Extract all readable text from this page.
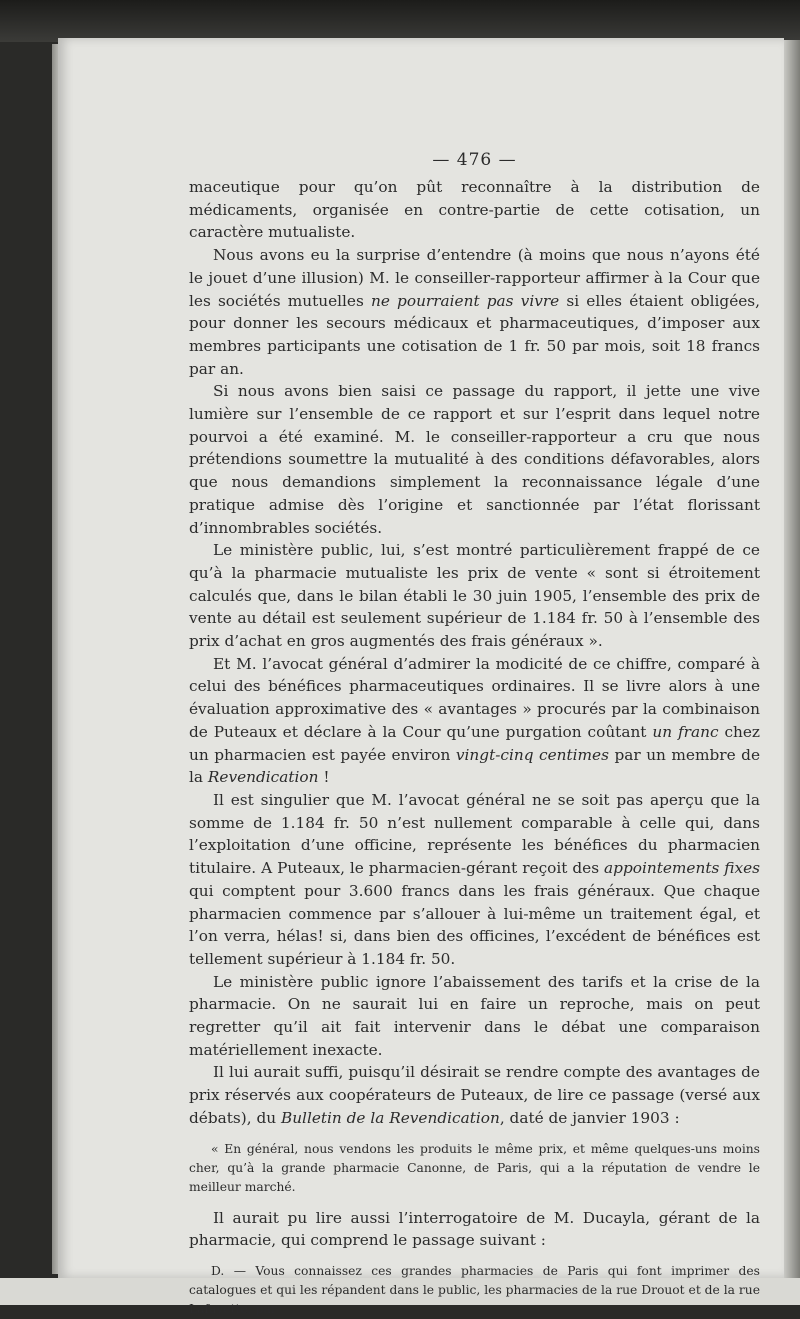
— 476 —

maceutique pour qu’on pût reconnaître à la distribution de médicaments, organisée en contre-partie de cette cotisation, un caractère mutualiste.

Nous avons eu la surprise d’entendre (à moins que nous n’ayons été le jouet d’une illusion) M. le conseiller-rapporteur affirmer à la Cour que les sociétés mutuelles ne pourraient pas vivre si elles étaient obligées, pour donner les secours médicaux et pharmaceutiques, d’imposer aux membres participants une cotisation de 1 fr. 50 par mois, soit 18 francs par an.

Si nous avons bien saisi ce passage du rapport, il jette une vive lumière sur l’ensemble de ce rapport et sur l’esprit dans lequel notre pourvoi a été examiné. M. le conseiller-rapporteur a cru que nous prétendions soumettre la mutualité à des conditions défavorables, alors que nous demandions simplement la reconnaissance légale d’une pratique admise dès l’origine et sanctionnée par l’état florissant d’innombrables sociétés.

Le ministère public, lui, s’est montré particulièrement frappé de ce qu’à la pharmacie mutualiste les prix de vente « sont si étroitement calculés que, dans le bilan établi le 30 juin 1905, l’ensemble des prix de vente au détail est seulement supérieur de 1.184 fr. 50 à l’ensemble des prix d’achat en gros augmentés des frais généraux ».

Et M. l’avocat général d’admirer la modicité de ce chiffre, comparé à celui des bénéfices pharmaceutiques ordinaires. Il se livre alors à une évaluation approximative des « avantages » procurés par la combinaison de Puteaux et déclare à la Cour qu’une purgation coûtant un franc chez un pharmacien est payée environ vingt-cinq centimes par un membre de la Revendication !

Il est singulier que M. l’avocat général ne se soit pas aperçu que la somme de 1.184 fr. 50 n’est nullement comparable à celle qui, dans l’exploitation d’une officine, représente les bénéfices du pharmacien titulaire. A Puteaux, le pharmacien-gérant reçoit des appointements fixes qui comptent pour 3.600 francs dans les frais généraux. Que chaque pharmacien commence par s’allouer à lui-même un traitement égal, et l’on verra, hélas! si, dans bien des officines, l’excédent de bénéfices est tellement supérieur à 1.184 fr. 50.

Le ministère public ignore l’abaissement des tarifs et la crise de la pharmacie. On ne saurait lui en faire un reproche, mais on peut regretter qu’il ait fait intervenir dans le débat une comparaison matériellement inexacte.

Il lui aurait suffi, puisqu’il désirait se rendre compte des avantages de prix réservés aux coopérateurs de Puteaux, de lire ce passage (versé aux débats), du Bulletin de la Revendication, daté de janvier 1903 :

« En général, nous vendons les produits le même prix, et même quelques-uns moins cher, qu’à la grande pharmacie Canonne, de Paris, qui a la réputation de vendre le meilleur marché.

Il aurait pu lire aussi l’interrogatoire de M. Ducayla, gérant de la pharmacie, qui comprend le passage suivant :

D. — Vous connaissez ces grandes pharmacies de Paris qui font imprimer des catalogues et qui les répandent dans le public, les pharmacies de la rue Drouot et de la rue Lafayette, par
